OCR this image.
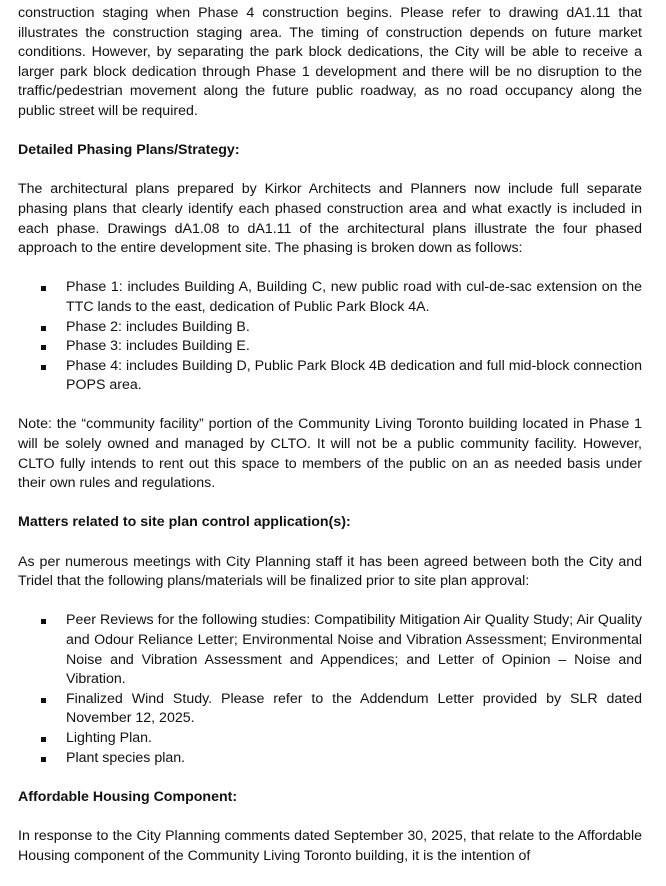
construction staging when Phase 4 construction begins. Please refer to drawing dA1.11 that illustrates the construction staging area. The timing of construction depends on future market conditions. However, by separating the park block dedications, the City will be able to receive a larger park block dedication through Phase 1 development and there will be no disruption to the traffic/pedestrian movement along the future public roadway, as no road occupancy along the public street will be required.

Detailed Phasing Plans/Strategy:

The architectural plans prepared by Kirkor Architects and Planners now include full separate phasing plans that clearly identify each phased construction area and what exactly is included in each phase. Drawings dA1.08 to dA1.11 of the architectural plans illustrate the four phased approach to the entire development site. The phasing is broken down as follows:

Phase 1: includes Building A, Building C, new public road with cul-de-sac extension on the TTC lands to the east, dedication of Public Park Block 4A.
Phase 2: includes Building B.
Phase 3: includes Building E.
Phase 4: includes Building D, Public Park Block 4B dedication and full mid-block connection POPS area.

Note: the “community facility” portion of the Community Living Toronto building located in Phase 1 will be solely owned and managed by CLTO. It will not be a public community facility. However, CLTO fully intends to rent out this space to members of the public on an as needed basis under their own rules and regulations.

Matters related to site plan control application(s):

As per numerous meetings with City Planning staff it has been agreed between both the City and Tridel that the following plans/materials will be finalized prior to site plan approval:

Peer Reviews for the following studies: Compatibility Mitigation Air Quality Study; Air Quality and Odour Reliance Letter; Environmental Noise and Vibration Assessment; Environmental Noise and Vibration Assessment and Appendices; and Letter of Opinion – Noise and Vibration.
Finalized Wind Study. Please refer to the Addendum Letter provided by SLR dated November 12, 2025.
Lighting Plan.
Plant species plan.
Affordable Housing Component:

In response to the City Planning comments dated September 30, 2025, that relate to the Affordable Housing component of the Community Living Toronto building, it is the intention of
